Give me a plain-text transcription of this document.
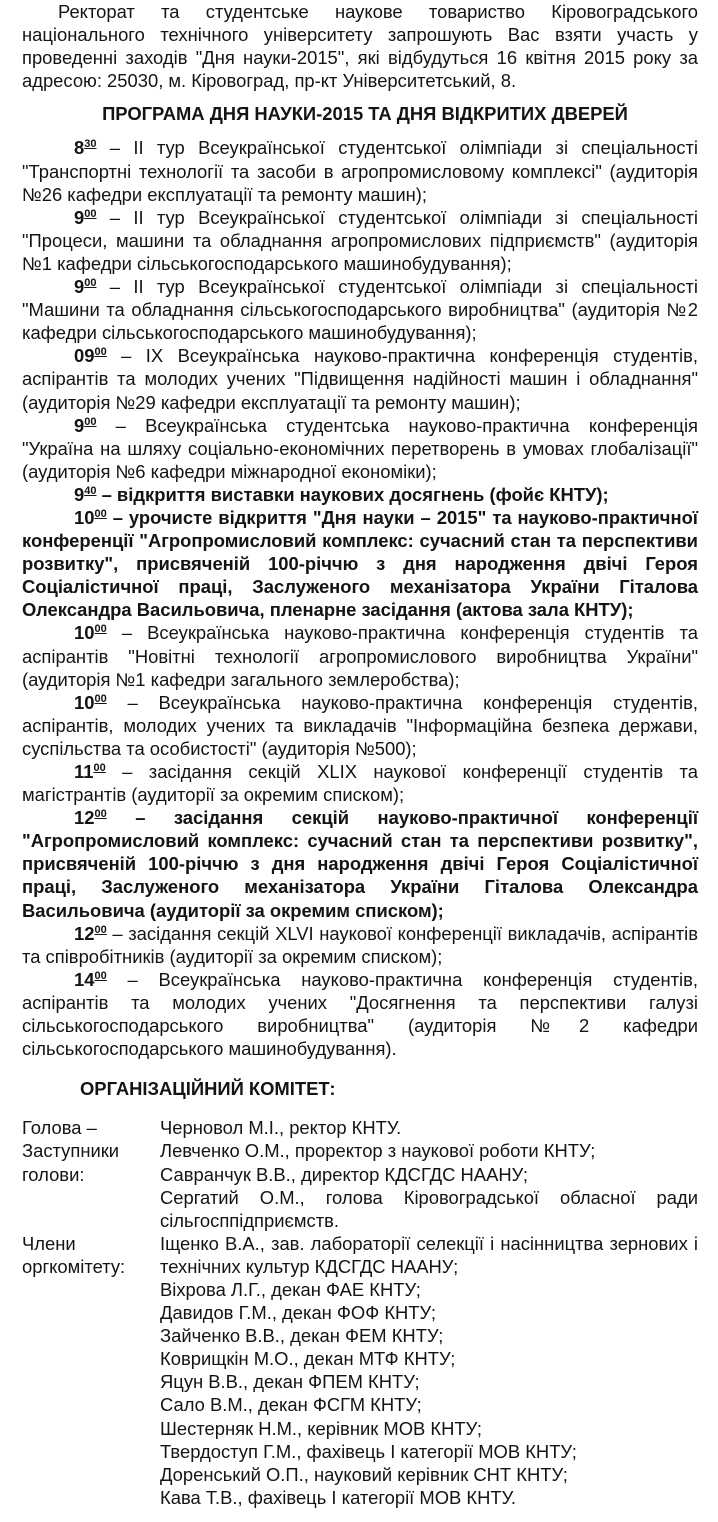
Ректорат та студентське наукове товариство Кіровоградського національного технічного університету запрошують Вас взяти участь у проведенні заходів "Дня науки-2015", які відбудуться 16 квітня 2015 року за адресою: 25030, м. Кіровоград, пр-кт Університетський, 8.

ПРОГРАМА ДНЯ НАУКИ-2015 ТА ДНЯ ВІДКРИТИХ ДВЕРЕЙ

$8^{30}$ – ІІ тур Всеукраїнської студентської олімпіади зі спеціальності "Транспортні технології та засоби в агропромисловому комплексі" (аудиторія №26 кафедри експлуатації та ремонту машин);

$9^{00}$ – ІІ тур Всеукраїнської студентської олімпіади зі спеціальності "Процеси, машини та обладнання агропромислових підприємств" (аудиторія №1 кафедри сільськогосподарського машинобудування);

$9^{00}$ – ІІ тур Всеукраїнської студентської олімпіади зі спеціальності "Машини та обладнання сільськогосподарського виробництва" (аудиторія №2 кафедри сільськогосподарського машинобудування);

$09^{00}$ – ІХ Всеукраїнська науково-практична конференція студентів, аспірантів та молодих учених "Підвищення надійності машин і обладнання" (аудиторія №29 кафедри експлуатації та ремонту машин);

$9^{00}$ – Всеукраїнська студентська науково-практична конференція "Україна на шляху соціально-економічних перетворень в умовах глобалізації" (аудиторія №6 кафедри міжнародної економіки);

$9^{40}$ – відкриття виставки наукових досягнень (фойє КНТУ);

$10^{00}$ – урочисте відкриття "Дня науки – 2015" та науково-практичної конференції "Агропромисловий комплекс: сучасний стан та перспективи розвитку", присвяченій 100-річчю з дня народження двічі Героя Соціалістичної праці, Заслуженого механізатора України Гіталова Олександра Васильовича, пленарне засідання (актова зала КНТУ);

$10^{00}$ – Всеукраїнська науково-практична конференція студентів та аспірантів "Новітні технології агропромислового виробництва України" (аудиторія №1 кафедри загального землеробства);

$10^{00}$ – Всеукраїнська науково-практична конференція студентів, аспірантів, молодих учених та викладачів "Інформаційна безпека держави, суспільства та особистості" (аудиторія №500);

$11^{00}$ – засідання секцій XLIX наукової конференції студентів та магістрантів (аудиторії за окремим списком);

$12^{00}$ – засідання секцій науково-практичної конференції "Агропромисловий комплекс: сучасний стан та перспективи розвитку", присвяченій 100-річчю з дня народження двічі Героя Соціалістичної праці, Заслуженого механізатора України Гіталова Олександра Васильовича (аудиторії за окремим списком);

$12^{00}$ – засідання секцій XLVI наукової конференції викладачів, аспірантів та співробітників (аудиторії за окремим списком);

$14^{00}$ – Всеукраїнська науково-практична конференція студентів, аспірантів та молодих учених "Досягнення та перспективи галузі сільськогосподарського виробництва" (аудиторія №2 кафедри сільськогосподарського машинобудування).

ОРГАНІЗАЦІЙНИЙ КОМІТЕТ:

Голова –	Черновол М.І., ректор КНТУ.
Заступники
голови:
Левченко О.М., проректор з наукової роботи КНТУ;
Савранчук В.В., директор КДСГДС НААНУ;
Сергатий О.М., голова Кіровоградської обласної ради сільгосппідприємств.
Члени
оргкомітету:
Іщенко В.А., зав. лабораторії селекції і насінництва зернових і технічних культур КДСГДС НААНУ;
Віхрова Л.Г., декан ФАЕ КНТУ;
Давидов Г.М., декан ФОФ КНТУ;
Зайченко В.В., декан ФЕМ КНТУ;
Коврищкін М.О., декан МТФ КНТУ;
Яцун В.В., декан ФПЕМ КНТУ;
Сало В.М., декан ФСГМ КНТУ;
Шестерняк Н.М., керівник МОВ КНТУ;
Твердоступ Г.М., фахівець І категорії МОВ КНТУ;
Доренський О.П., науковий керівник СНТ КНТУ;
Кава Т.В., фахівець І категорії МОВ КНТУ.
